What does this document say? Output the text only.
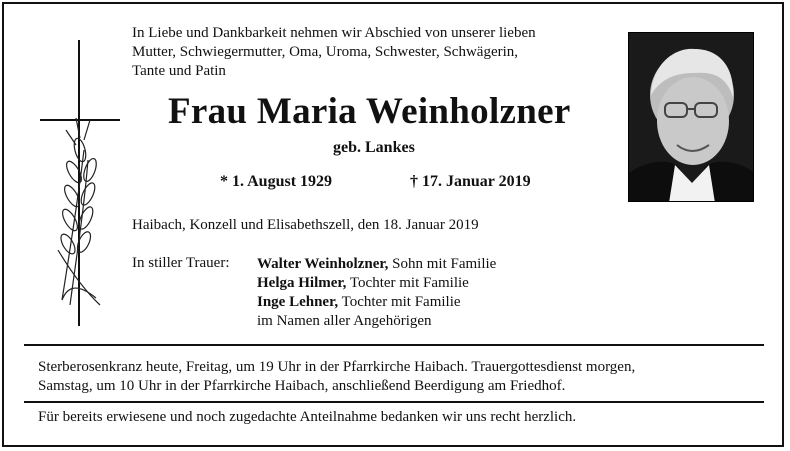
In Liebe und Dankbarkeit nehmen wir Abschied von unserer lieben
Mutter, Schwiegermutter, Oma, Uroma, Schwester, Schwägerin,
Tante und Patin
Frau Maria Weinholzner
geb. Lankes
* 1. August 1929	† 17. Januar 2019
Haibach, Konzell und Elisabethszell, den 18. Januar 2019
In stiller Trauer: Walter Weinholzner, Sohn mit Familie
Helga Hilmer, Tochter mit Familie
Inge Lehner, Tochter mit Familie
im Namen aller Angehörigen
Sterberosenkranz heute, Freitag, um 19 Uhr in der Pfarrkirche Haibach. Trauergottesdienst morgen,
Samstag, um 10 Uhr in der Pfarrkirche Haibach, anschließend Beerdigung am Friedhof.
Für bereits erwiesene und noch zugedachte Anteilnahme bedanken wir uns recht herzlich.
